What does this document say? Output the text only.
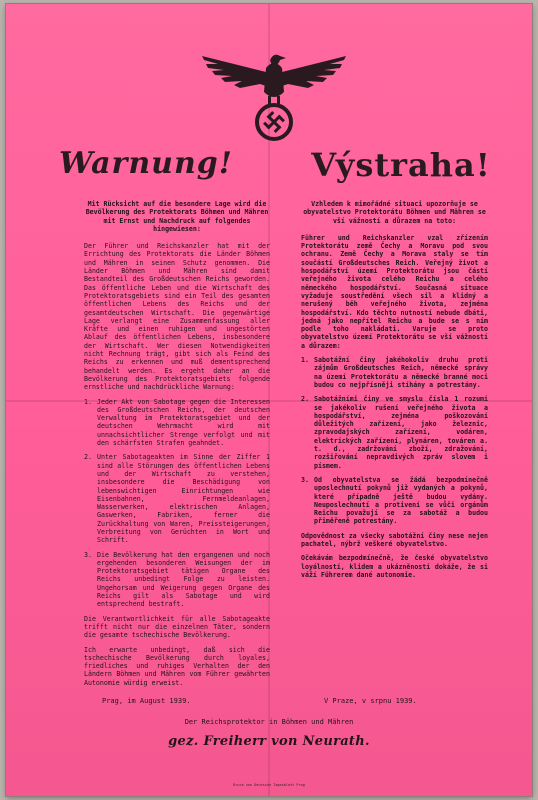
Warnung!	Výstraha!

Mit Rücksicht auf die besondere Lage wird die Bevölkerung des Protektorats Böhmen und Mähren mit Ernst und Nachdruck auf folgendes hingewiesen:

Der Führer und Reichskanzler hat mit der Errichtung des Protektorats die Länder Böhmen und Mähren in seinen Schutz genommen. Die Länder Böhmen und Mähren sind damit Bestandteil des Großdeutschen Reichs geworden. Das öffentliche Leben und die Wirtschaft des Protektoratsgebiets sind ein Teil des gesamten öffentlichen Lebens des Reichs und der gesamtdeutschen Wirtschaft. Die gegenwärtige Lage verlangt eine Zusammenfassung aller Kräfte und einen ruhigen und ungestörten Ablauf des öffentlichen Lebens, insbesondere der Wirtschaft. Wer diesen Notwendigkeiten nicht Rechnung trägt, gibt sich als Feind des Reichs zu erkennen und muß dementsprechend behandelt werden. Es ergeht daher an die Bevölkerung des Protektoratsgebiets folgende ernstliche und nachdrückliche Warnung:

1. Jeder Akt von Sabotage gegen die Interessen des Großdeutschen Reichs, der deutschen Verwaltung im Protektoratsgebiet und der deutschen Wehrmacht wird mit unnachsichtlicher Strenge verfolgt und mit den schärfsten Strafen geahndet.
2. Unter Sabotageakten im Sinne der Ziffer 1 sind alle Störungen des öffentlichen Lebens und der Wirtschaft zu verstehen, insbesondere die Beschädigung von lebenswichtigen Einrichtungen wie Eisenbahnen, Fernmeldeanlagen, Wasserwerken, elektrischen Anlagen, Gaswerken, Fabriken, ferner die Zurückhaltung von Waren, Preissteigerungen, Verbreitung von Gerüchten in Wort und Schrift.
3. Die Bevölkerung hat den ergangenen und noch ergehenden besonderen Weisungen der im Protektoratsgebiet tätigen Organe des Reichs unbedingt Folge zu leisten. Ungehorsam und Weigerung gegen Organe des Reichs gilt als Sabotage und wird entsprechend bestraft.

Die Verantwortlichkeit für alle Sabotageakte trifft nicht nur die einzelnen Täter, sondern die gesamte tschechische Bevölkerung.

Ich erwarte unbedingt, daß sich die tschechische Bevölkerung durch loyales, friedliches und ruhiges Verhalten der den Ländern Böhmen und Mähren vom Führer gewährten Autonomie würdig erweist.

Vzhledem k mimořádné situaci upozorňuje se obyvatelstvo Protektorátu Böhmen und Mähren se vší vážností a důrazem na toto:

Führer und Reichskanzler vzal zřízením Protektorátu země Čechy a Moravu pod svou ochranu. Země Čechy a Morava staly se tím součástí Großdeutsches Reich. Veřejný život a hospodářství území Protektorátu jsou částí veřejného života celého Reichu a celého německého hospodářství. Současná situace vyžaduje soustředění všech sil a klidný a nerušený běh veřejného života, zejména hospodářství. Kdo těchto nutností nebude dbáti, jedná jako nepřítel Reichu a bude se s ním podle toho nakládati. Varuje se proto obyvatelstvo území Protektorátu se vší vážností a důrazem:

1. Sabotážní činy jakéhokoliv druhu proti zájmům Großdeutsches Reich, německé správy na území Protektorátu a německé branné moci budou co nejpřísněji stíhány a potrestány.
2. Sabotážními činy ve smyslu čísla 1 rozumí se jakékoliv rušení veřejného života a hospodářství, zejména poškozování důležitých zařízení, jako železnic, zpravodajských zařízení, vodáren, elektrických zařízení, plynáren, továren a. t. d., zadržování zboží, zdražování, rozšiřování nepravdivých zpráv slovem i písmem.
3. Od obyvatelstva se žádá bezpodmínečně uposlechnutí pokynů již vydaných a pokynů, které případně ještě budou vydány. Neuposlechnutí a protivení se vůči orgánům Reichu považují se za sabotáž a budou přiměřeně potrestány.

Odpovědnost za všecky sabotážní činy nese nejen pachatel, nýbrž veškeré obyvatelstvo.

Očekávám bezpodmínečně, že české obyvatelstvo loyálností, klidem a ukázněností dokáže, že si váží Führerem dané autonomie.

Prag, im August 1939.	V Praze, v srpnu 1939.
Der Reichsprotektor in Böhmen und Mähren
gez. Freiherr von Neurath.
Druck von Deutsche Tagesblatt Prag
